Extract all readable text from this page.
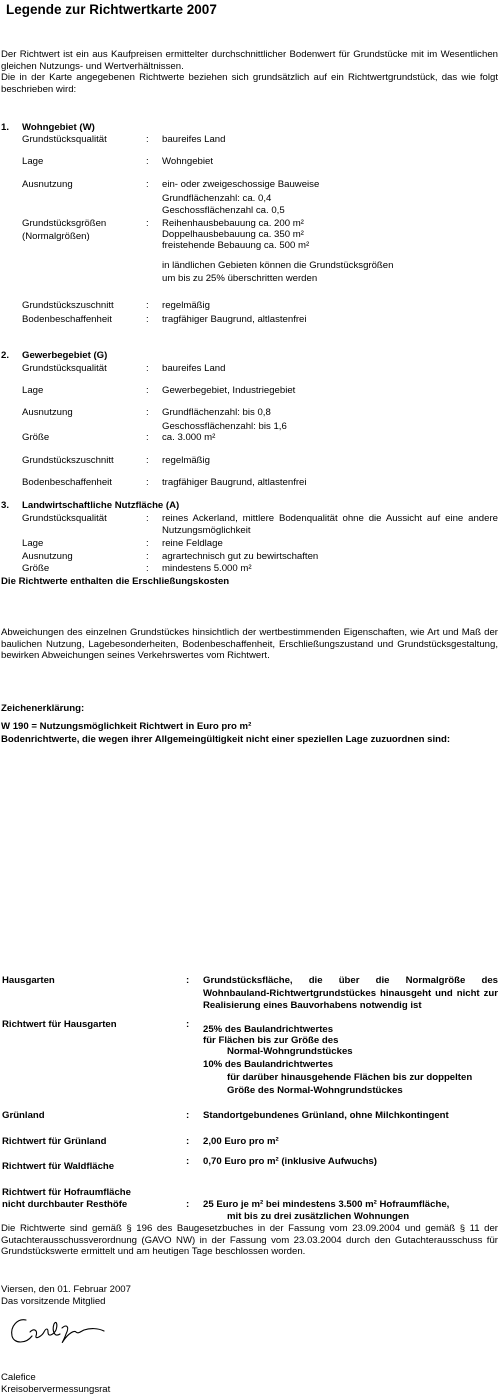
Legende zur Richtwertkarte 2007

Der Richtwert ist ein aus Kaufpreisen ermittelter durchschnittlicher Bodenwert für Grundstücke mit im Wesentlichen gleichen Nutzungs- und Wertverhältnissen.

Die in der Karte angegebenen Richtwerte beziehen sich grundsätzlich auf ein Richtwertgrundstück, das wie folgt beschrieben wird:

1. Wohngebiet (W)
Grundstücksqualität	: baureifes Land
Lage	: Wohngebiet
Ausnutzung	: ein- oder zweigeschossige Bauweise
Grundflächenzahl: ca. 0,4
Geschossflächenzahl ca. 0,5
Grundstücksgrößen
(Normalgrößen)
: Reihenhausbebauung ca. 200 m²
Doppelhausbebauung ca. 350 m²
freistehende Bebauung ca. 500 m²
in ländlichen Gebieten können die Grundstücksgrößen
um bis zu 25% überschritten werden
Grundstückszuschnitt	: regelmäßig
Bodenbeschaffenheit	: tragfähiger Baugrund, altlastenfrei
2. Gewerbegebiet (G)
Grundstücksqualität	: baureifes Land
Lage	: Gewerbegebiet, Industriegebiet
Ausnutzung	: Grundflächenzahl: bis 0,8
Geschossflächenzahl: bis 1,6
Größe	: ca. 3.000 m²
Grundstückszuschnitt	: regelmäßig
Bodenbeschaffenheit	: tragfähiger Baugrund, altlastenfrei
3. Landwirtschaftliche Nutzfläche (A)
Grundstücksqualität	: reines Ackerland, mittlere Bodenqualität ohne die Aussicht auf eine andere Nutzungsmöglichkeit
Lage	: reine Feldlage
Ausnutzung	: agrartechnisch gut zu bewirtschaften
Größe	: mindestens 5.000 m²
Die Richtwerte enthalten die Erschließungskosten
Abweichungen des einzelnen Grundstückes hinsichtlich der wertbestimmenden Eigenschaften, wie Art und Maß der baulichen Nutzung, Lagebesonderheiten, Bodenbeschaffenheit, Erschließungszustand und Grundstücksgestaltung, bewirken Abweichungen seines Verkehrswertes vom Richtwert.
Zeichenerklärung:
W 190 = Nutzungsmöglichkeit Richtwert in Euro pro m²
Bodenrichtwerte, die wegen ihrer Allgemeingültigkeit nicht einer speziellen Lage zuzuordnen sind:
Hausgarten	: Grundstücksfläche, die über die Normalgröße des Wohnbauland-Richtwertgrundstückes hinausgeht und nicht zur Realisierung eines Bauvorhabens notwendig ist
Richtwert für Hausgarten	: 25% des Baulandrichtwertes
für Flächen bis zur Größe des
Normal-Wohngrundstückes
10% des Baulandrichtwertes
für darüber hinausgehende Flächen bis zur doppelten
Größe des Normal-Wohngrundstückes
Grünland	: Standortgebundenes Grünland, ohne Milchkontingent
Richtwert für Grünland	: 2,00 Euro pro m²
Richtwert für Waldfläche	: 0,70 Euro pro m² (inklusive Aufwuchs)
Richtwert für Hofraumfläche
nicht durchbauter Resthöfe	: 25 Euro je m² bei mindestens 3.500 m² Hofraumfläche,
mit bis zu drei zusätzlichen Wohnungen
Die Richtwerte sind gemäß § 196 des Baugesetzbuches in der Fassung vom 23.09.2004 und gemäß § 11 der Gutachterausschussverordnung (GAVO NW) in der Fassung vom 23.03.2004 durch den Gutachterausschuss für Grundstückswerte ermittelt und am heutigen Tage beschlossen worden.
Viersen, den 01. Februar 2007
Das vorsitzende Mitglied
Calefice
Kreisobervermessungsrat
